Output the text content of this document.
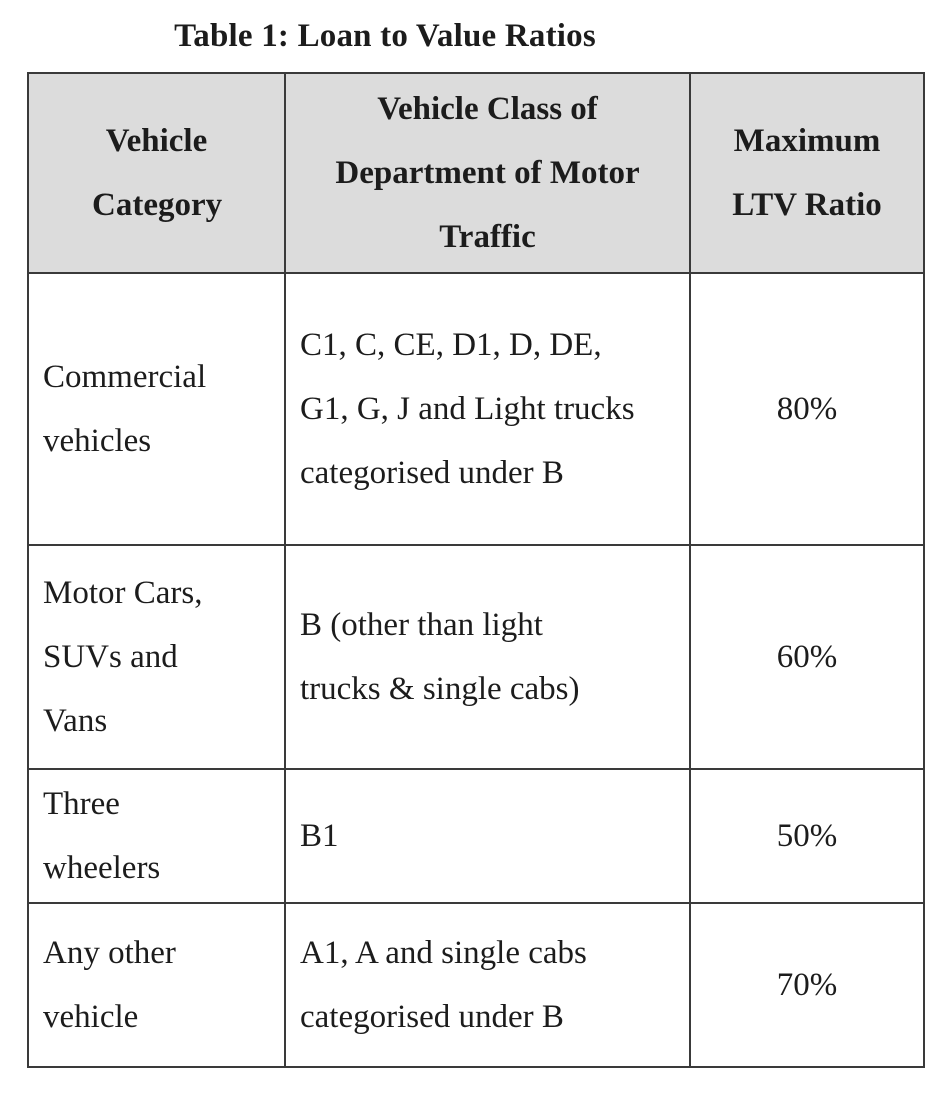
Table 1: Loan to Value Ratios
Vehicle Category	Vehicle Class of Department of Motor Traffic	Maximum LTV Ratio

Commercial vehicles	C1, C, CE, D1, D, DE, G1, G, J and Light trucks categorised under B	80%

Motor Cars, SUVs and Vans	B (other than light trucks & single cabs)	60%

Three wheelers	B1	50%

Any other vehicle	A1, A and single cabs categorised under B	70%
